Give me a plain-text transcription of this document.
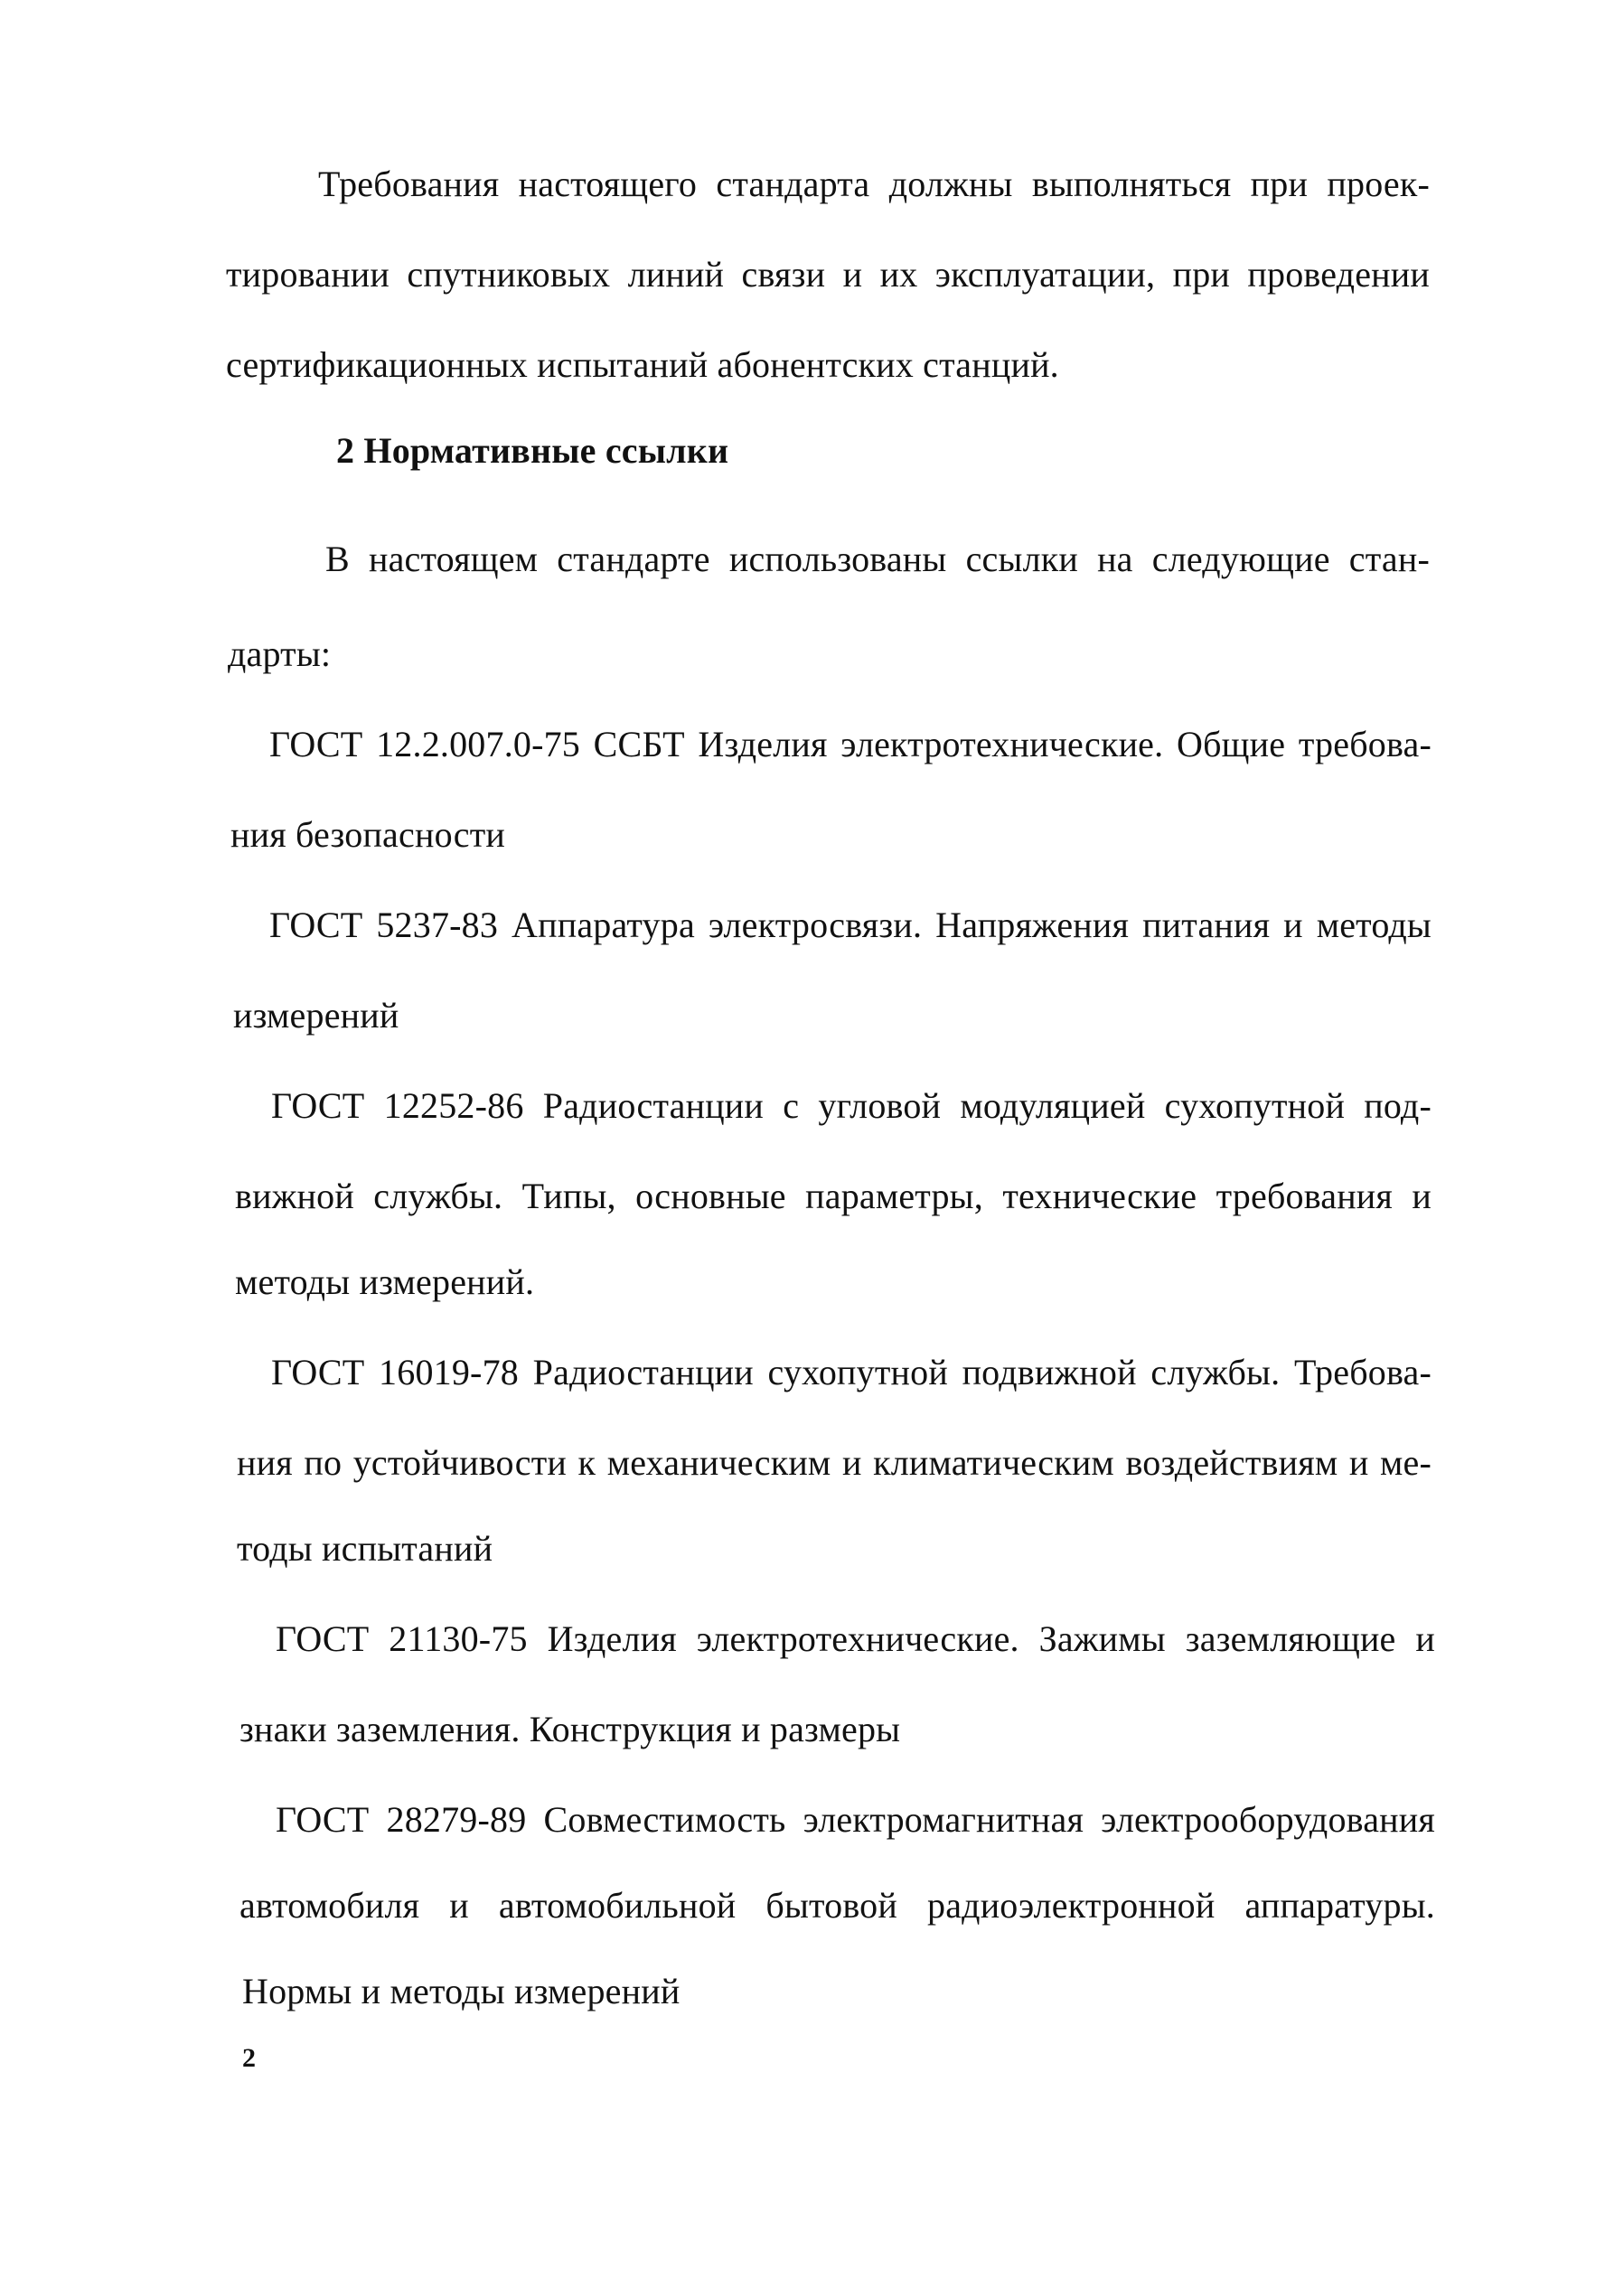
Требования настоящего стандарта должны выполняться при проек-
тировании спутниковых линий связи и их эксплуатации, при проведении
сертификационных испытаний абонентских станций.
2 Нормативные ссылки
В настоящем стандарте использованы ссылки на следующие стан-
дарты:
ГОСТ 12.2.007.0-75 ССБТ Изделия электротехнические. Общие требова-
ния безопасности
ГОСТ 5237-83 Аппаратура электросвязи. Напряжения питания и методы
измерений
ГОСТ 12252-86 Радиостанции с угловой модуляцией сухопутной под-
вижной службы. Типы, основные параметры, технические требования и
методы измерений.
ГОСТ 16019-78 Радиостанции сухопутной подвижной службы. Требова-
ния по устойчивости к механическим и климатическим воздействиям и ме-
тоды испытаний
ГОСТ 21130-75 Изделия электротехнические. Зажимы заземляющие и
знаки заземления. Конструкция и размеры
ГОСТ 28279-89 Совместимость электромагнитная электрооборудования
автомобиля и автомобильной бытовой радиоэлектронной аппаратуры.
Нормы и методы измерений
2
